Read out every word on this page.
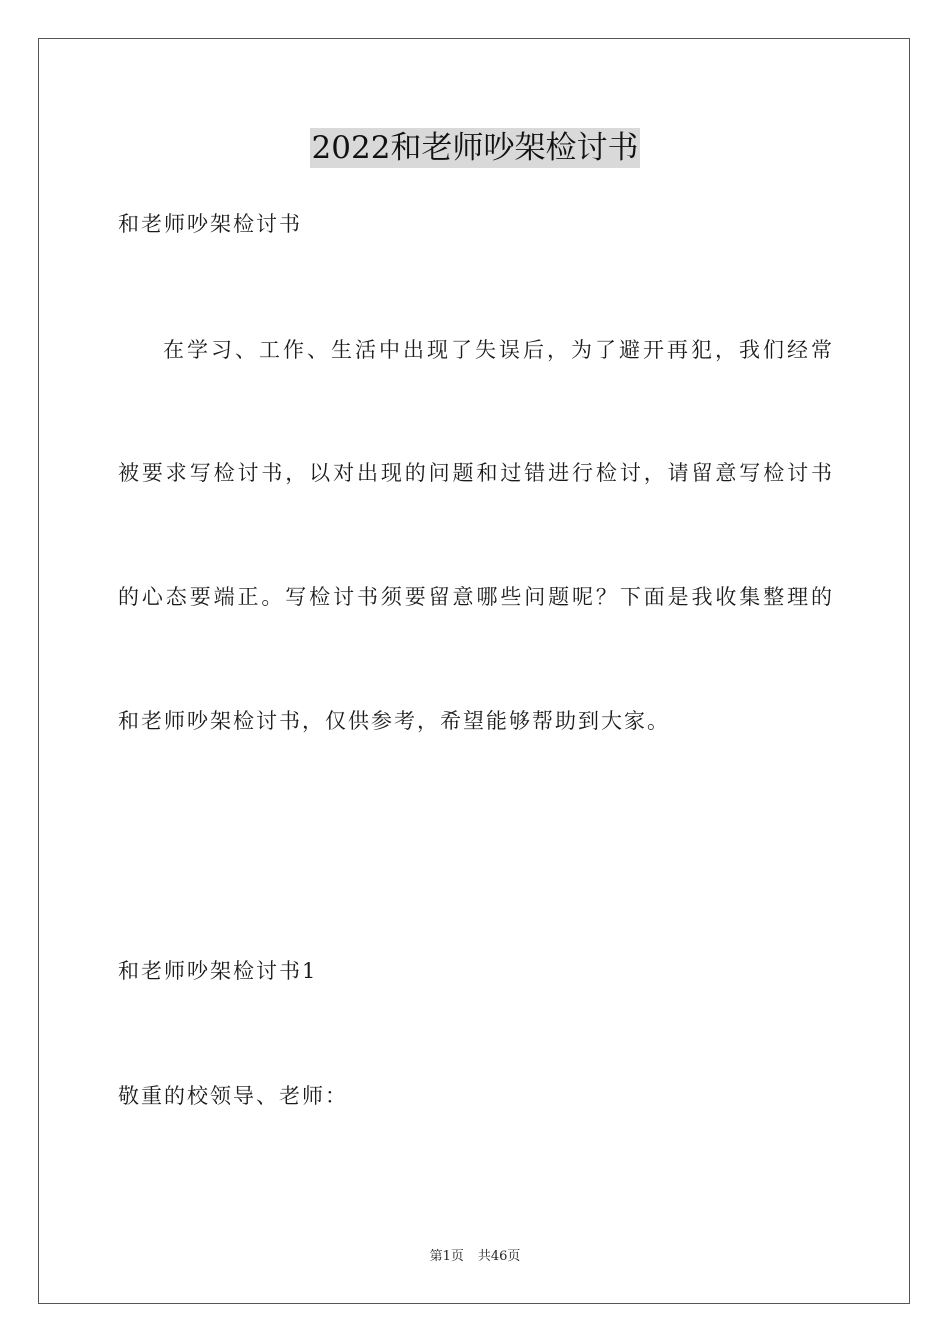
2022和老师吵架检讨书
和老师吵架检讨书
在学习、工作、生活中出现了失误后，为了避开再犯，我们经常
被要求写检讨书，以对出现的问题和过错进行检讨，请留意写检讨书
的心态要端正。写检讨书须要留意哪些问题呢？下面是我收集整理的
和老师吵架检讨书，仅供参考，希望能够帮助到大家。
和老师吵架检讨书1
敬重的校领导、老师：
第1页 共46页
